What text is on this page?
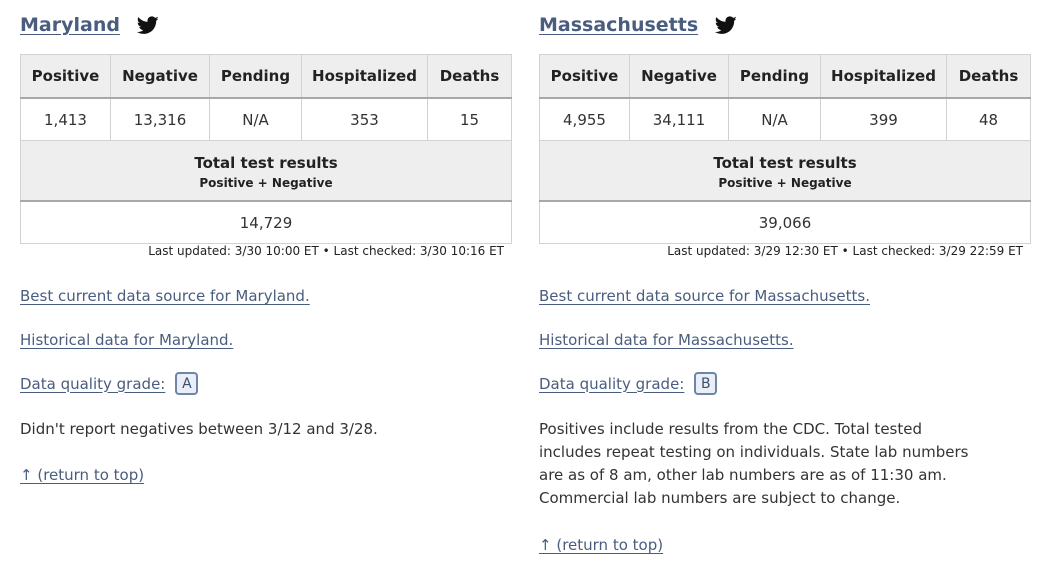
Maryland
Positive	Negative	Pending	Hospitalized	Deaths
1,413	13,316	N/A	353	15

Total test results
Positive + Negative				

14,729				
Last updated: 3/30 10:00 ET • Last checked: 3/30 10:16 ET
Best current data source for Maryland.
Historical data for Maryland.
Data quality grade:	A
Didn't report negatives between 3/12 and 3/28.
↑ (return to top)
Massachusetts
Positive	Negative	Pending	Hospitalized	Deaths
4,955	34,111	N/A	399	48

Total test results
Positive + Negative				

39,066				
Last updated: 3/29 12:30 ET • Last checked: 3/29 22:59 ET
Best current data source for Massachusetts.
Historical data for Massachusetts.
Data quality grade:	B
Positives include results from the CDC. Total tested includes repeat testing on individuals. State lab numbers are as of 8 am, other lab numbers are as of 11:30 am. Commercial lab numbers are subject to change.
↑ (return to top)
